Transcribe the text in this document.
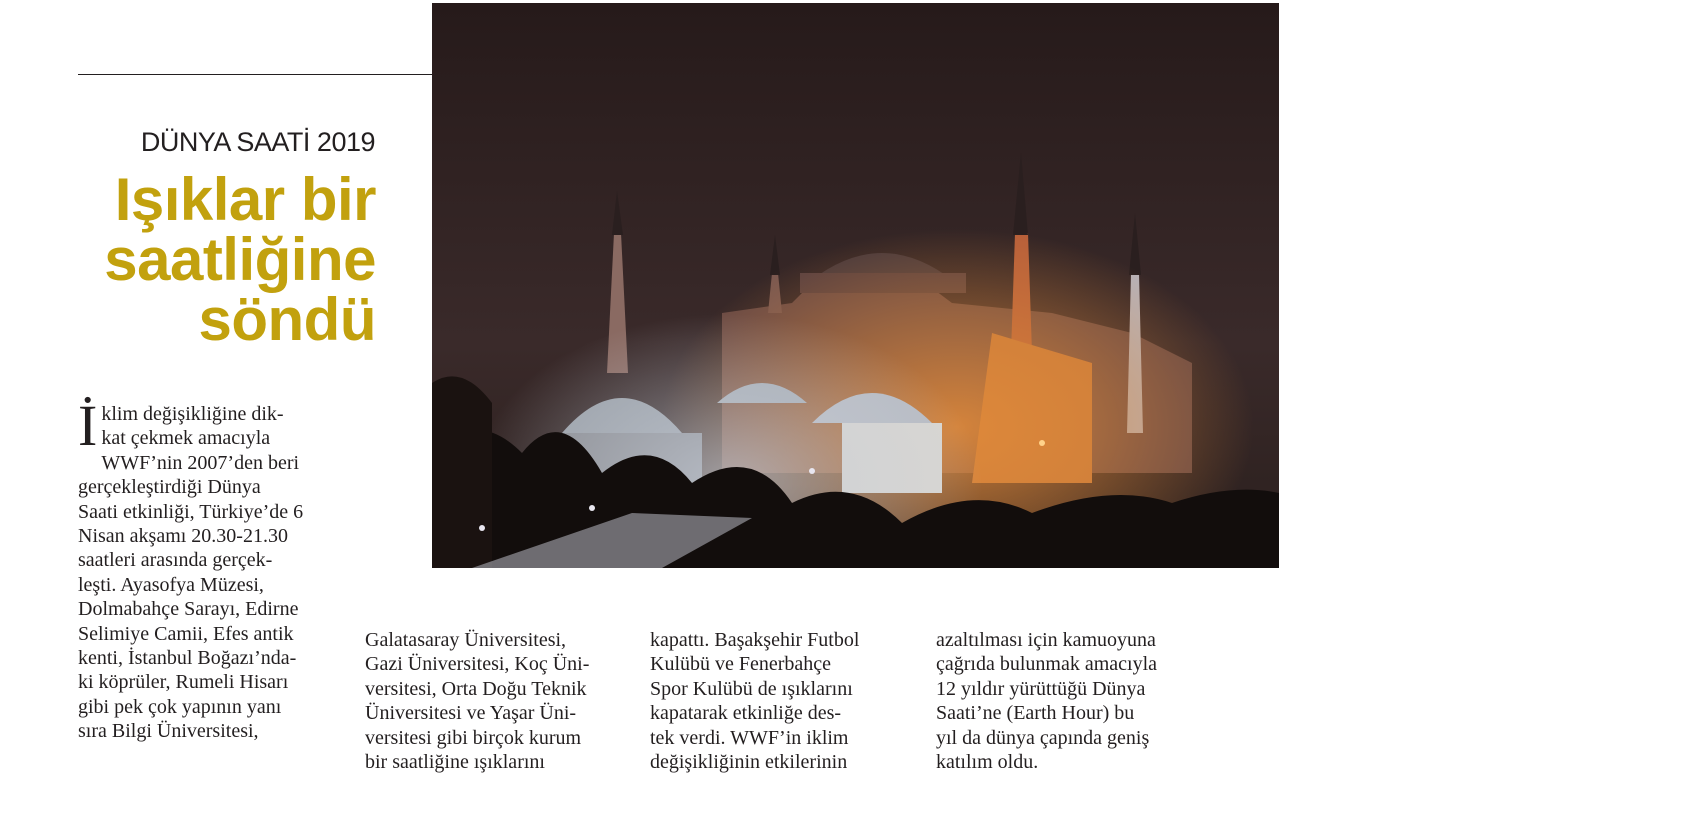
DÜNYA SAATİ 2019
Işıklar bir
saatliğine
söndü
AYASOFYA MÜZESİ, İSTANBUL / SEVİL ERİŞİ
İ klim değişikliğine dik-
kat çekmek amacıyla
WWF’nin 2007’den beri
gerçekleştirdiği Dünya
Saati etkinliği, Türkiye’de 6
Nisan akşamı 20.30-21.30
saatleri arasında gerçek-
leşti. Ayasofya Müzesi,
Dolmabahçe Sarayı, Edirne
Selimiye Camii, Efes antik
kenti, İstanbul Boğazı’nda-
ki köprüler, Rumeli Hisarı
gibi pek çok yapının yanı
sıra Bilgi Üniversitesi,
Galatasaray Üniversitesi,
Gazi Üniversitesi, Koç Üni-
versitesi, Orta Doğu Teknik
Üniversitesi ve Yaşar Üni-
versitesi gibi birçok kurum
bir saatliğine ışıklarını
kapattı. Başakşehir Futbol
Kulübü ve Fenerbahçe
Spor Kulübü de ışıklarını
kapatarak etkinliğe des-
tek verdi. WWF’in iklim
değişikliğinin etkilerinin
azaltılması için kamuoyuna
çağrıda bulunmak amacıyla
12 yıldır yürüttüğü Dünya
Saati’ne (Earth Hour) bu
yıl da dünya çapında geniş
katılım oldu.
